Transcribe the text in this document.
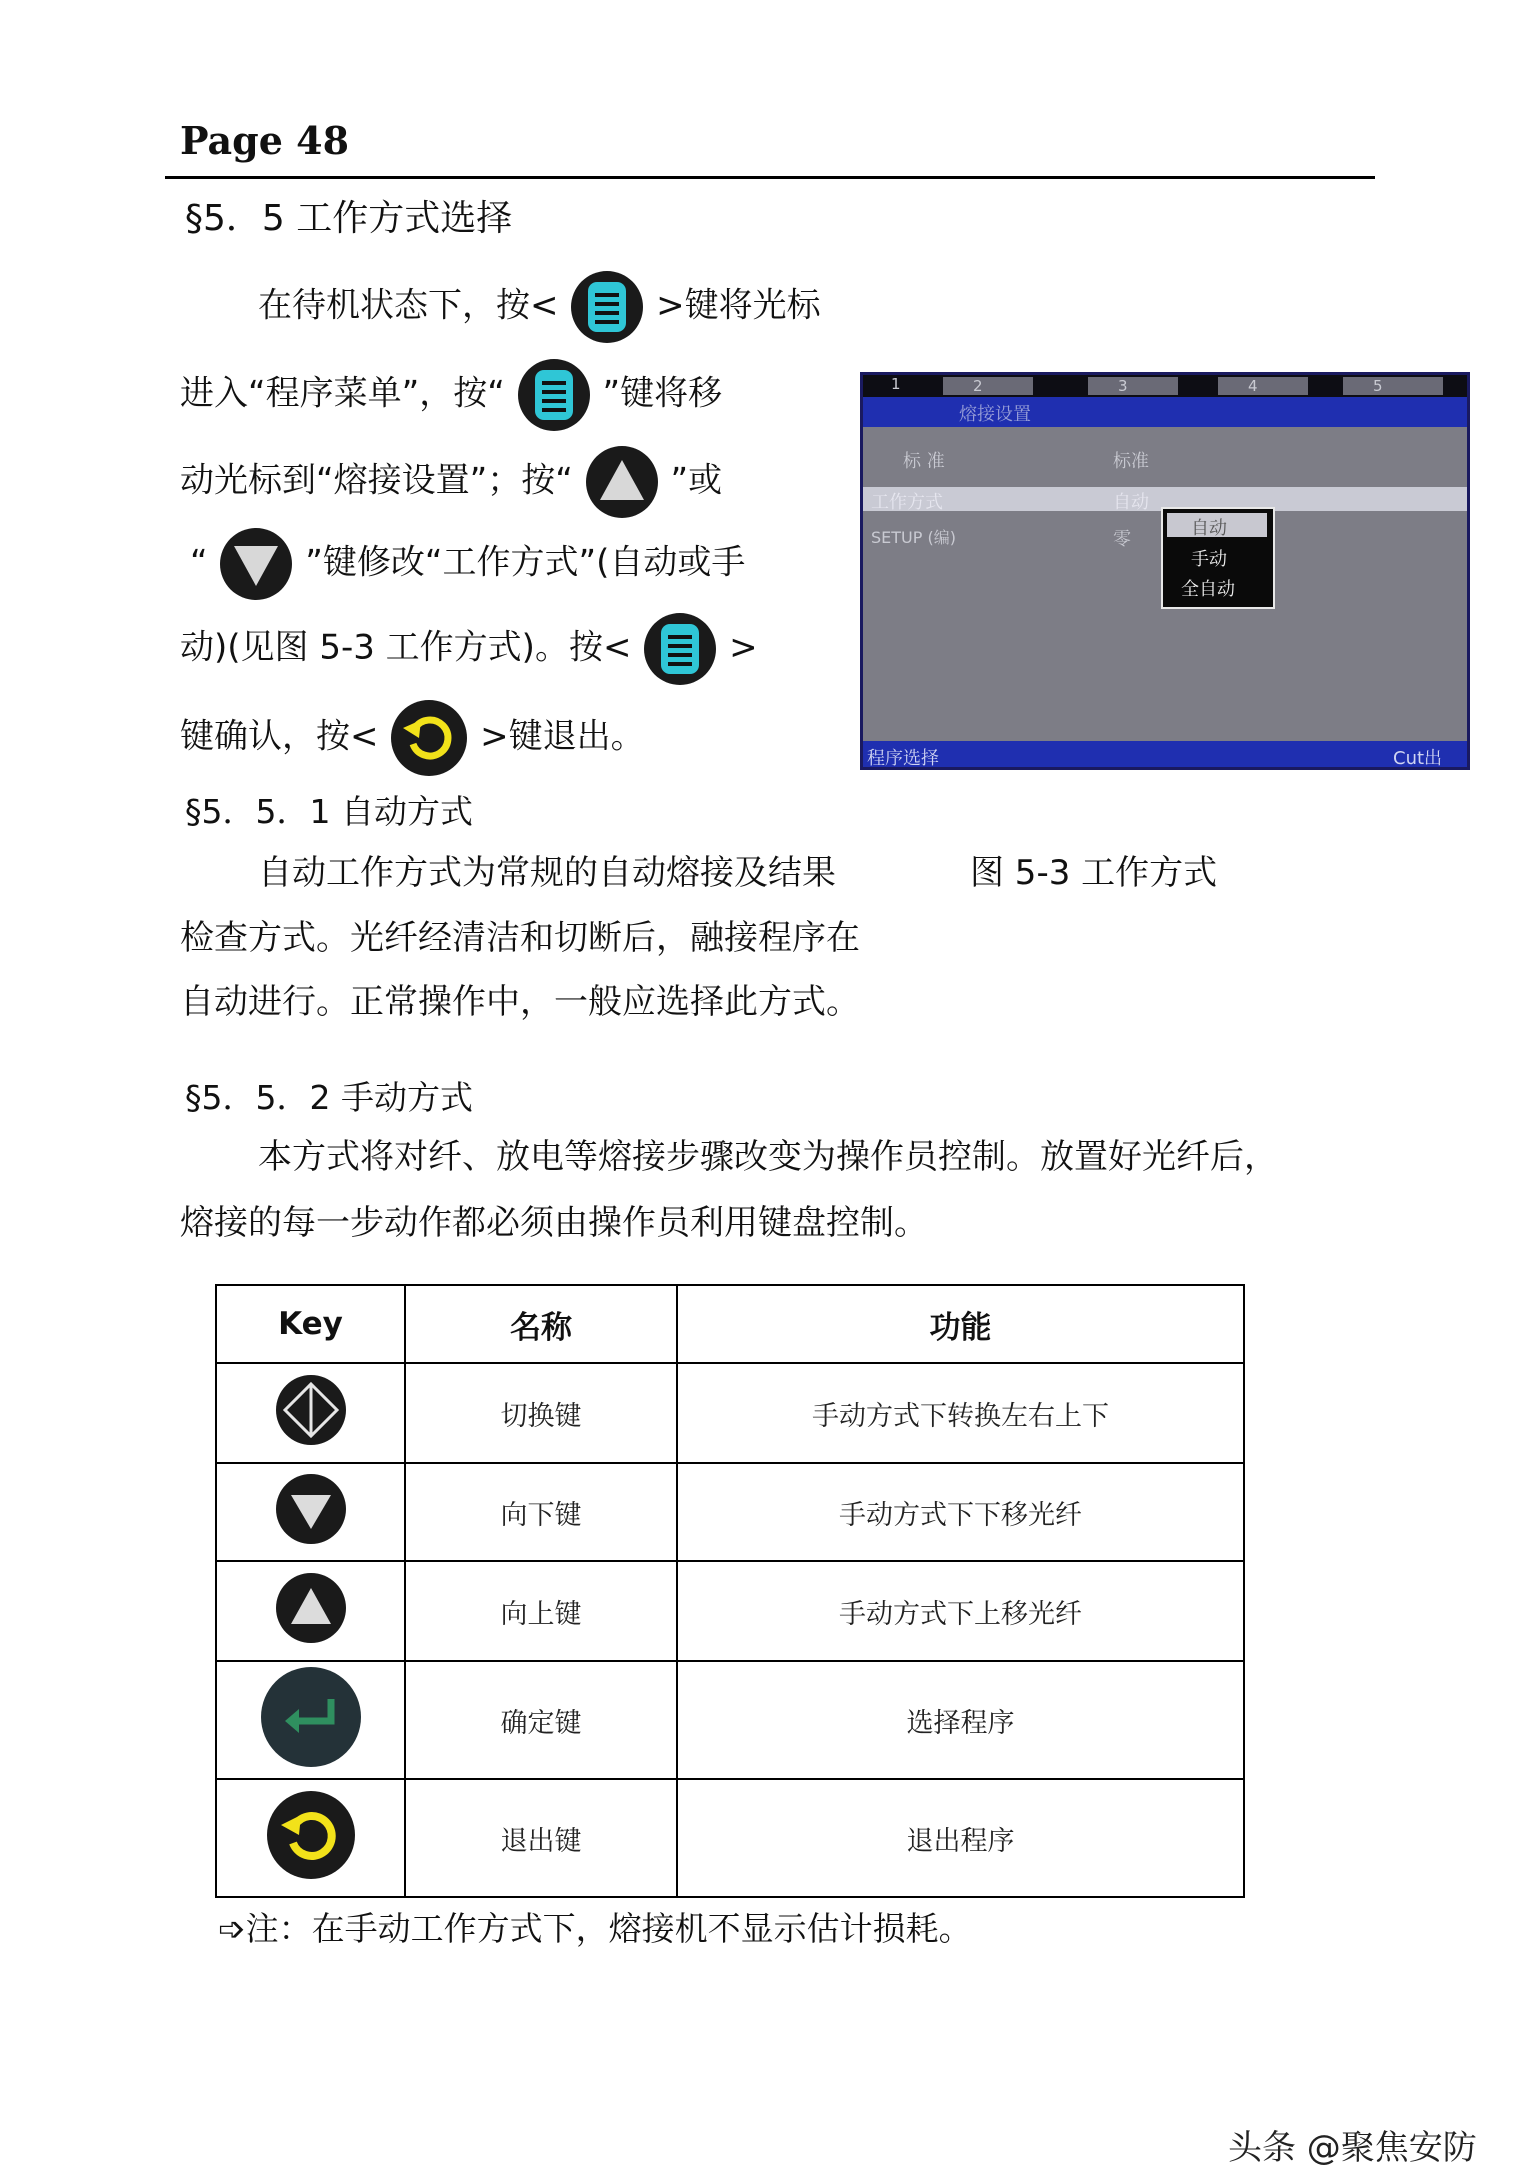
Page 48
§5．5 工作方式选择
在待机状态下，按<	>键将光标
进入“程序菜单”，按“	”键将移
动光标到“熔接设置”；按“	”或
“	”键修改“工作方式”(自动或手
动)(见图 5-3 工作方式)。按<	>
键确认，按<	>键退出。
1	2	3	4	5
熔接设置
标 准	标准
工作方式	自动
SETUP (编)	零
自动
手动
全自动
程序选择	Cut出
§5．5．1 自动方式
自动工作方式为常规的自动熔接及结果	图 5-3 工作方式
检查方式。光纤经清洁和切断后，融接程序在
自动进行。正常操作中，一般应选择此方式。
§5．5．2 手动方式
本方式将对纤、放电等熔接步骤改变为操作员控制。放置好光纤后，
熔接的每一步动作都必须由操作员利用键盘控制。
Key	名称	功能
	切换键	手动方式下转换左右上下
	向下键	手动方式下下移光纤
	向上键	手动方式下上移光纤
	确定键	选择程序
	退出键	退出程序
➩注：在手动工作方式下，熔接机不显示估计损耗。
头条 @聚焦安防
